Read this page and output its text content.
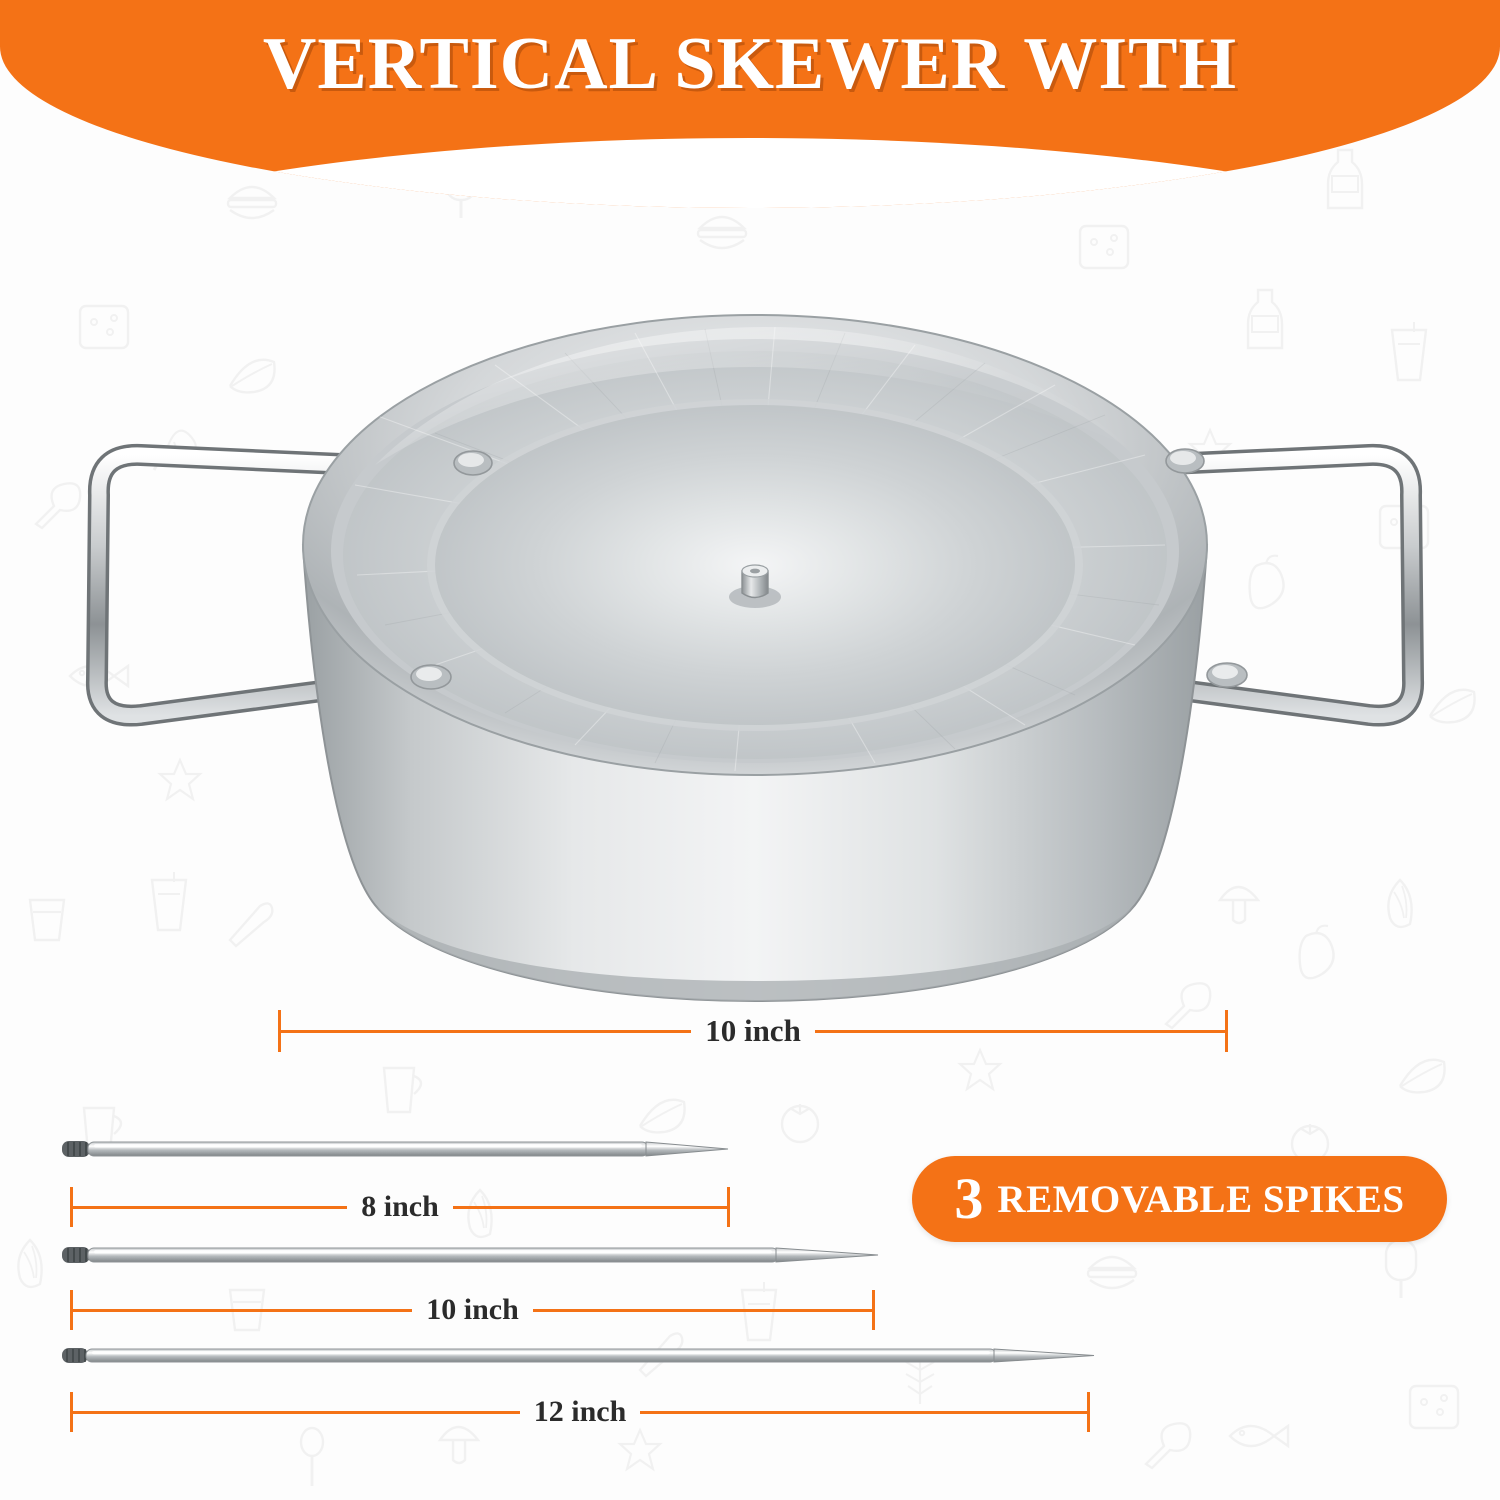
VERTICAL SKEWER WITH
10 inch
8 inch
10 inch
12 inch
3 REMOVABLE SPIKES
